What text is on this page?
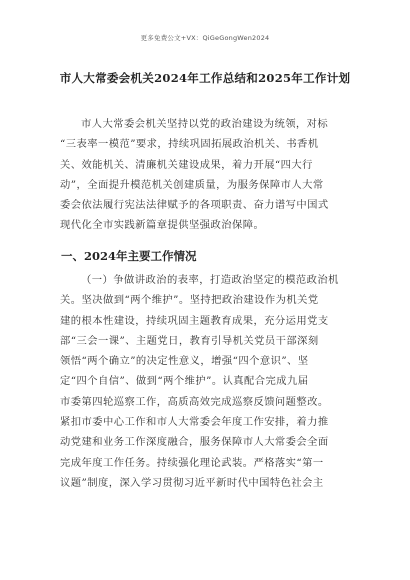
更多免费公文+VX：QiGeGongWen2024
市人大常委会机关2024年工作总结和2025年工作计划
市人大常委会机关坚持以党的政治建设为统领，对标
“三表率一模范”要求，持续巩固拓展政治机关、书香机
关、效能机关、清廉机关建设成果，着力开展“四大行
动”，全面提升模范机关创建质量，为服务保障市人大常
委会依法履行宪法法律赋予的各项职责、奋力谱写中国式
现代化全市实践新篇章提供坚强政治保障。
一、2024年主要工作情况
（一）争做讲政治的表率，打造政治坚定的模范政治机
关。坚决做到“两个维护”。坚持把政治建设作为机关党
建的根本性建设，持续巩固主题教育成果，充分运用党支
部“三会一课”、主题党日，教育引导机关党员干部深刻
领悟“两个确立”的决定性意义，增强“四个意识”、坚
定“四个自信”、做到“两个维护”。认真配合完成九届
市委第四轮巡察工作，高质高效完成巡察反馈问题整改。
紧扣市委中心工作和市人大常委会年度工作安排，着力推
动党建和业务工作深度融合，服务保障市人大常委会全面
完成年度工作任务。持续强化理论武装。严格落实“第一
议题”制度，深入学习贯彻习近平新时代中国特色社会主
